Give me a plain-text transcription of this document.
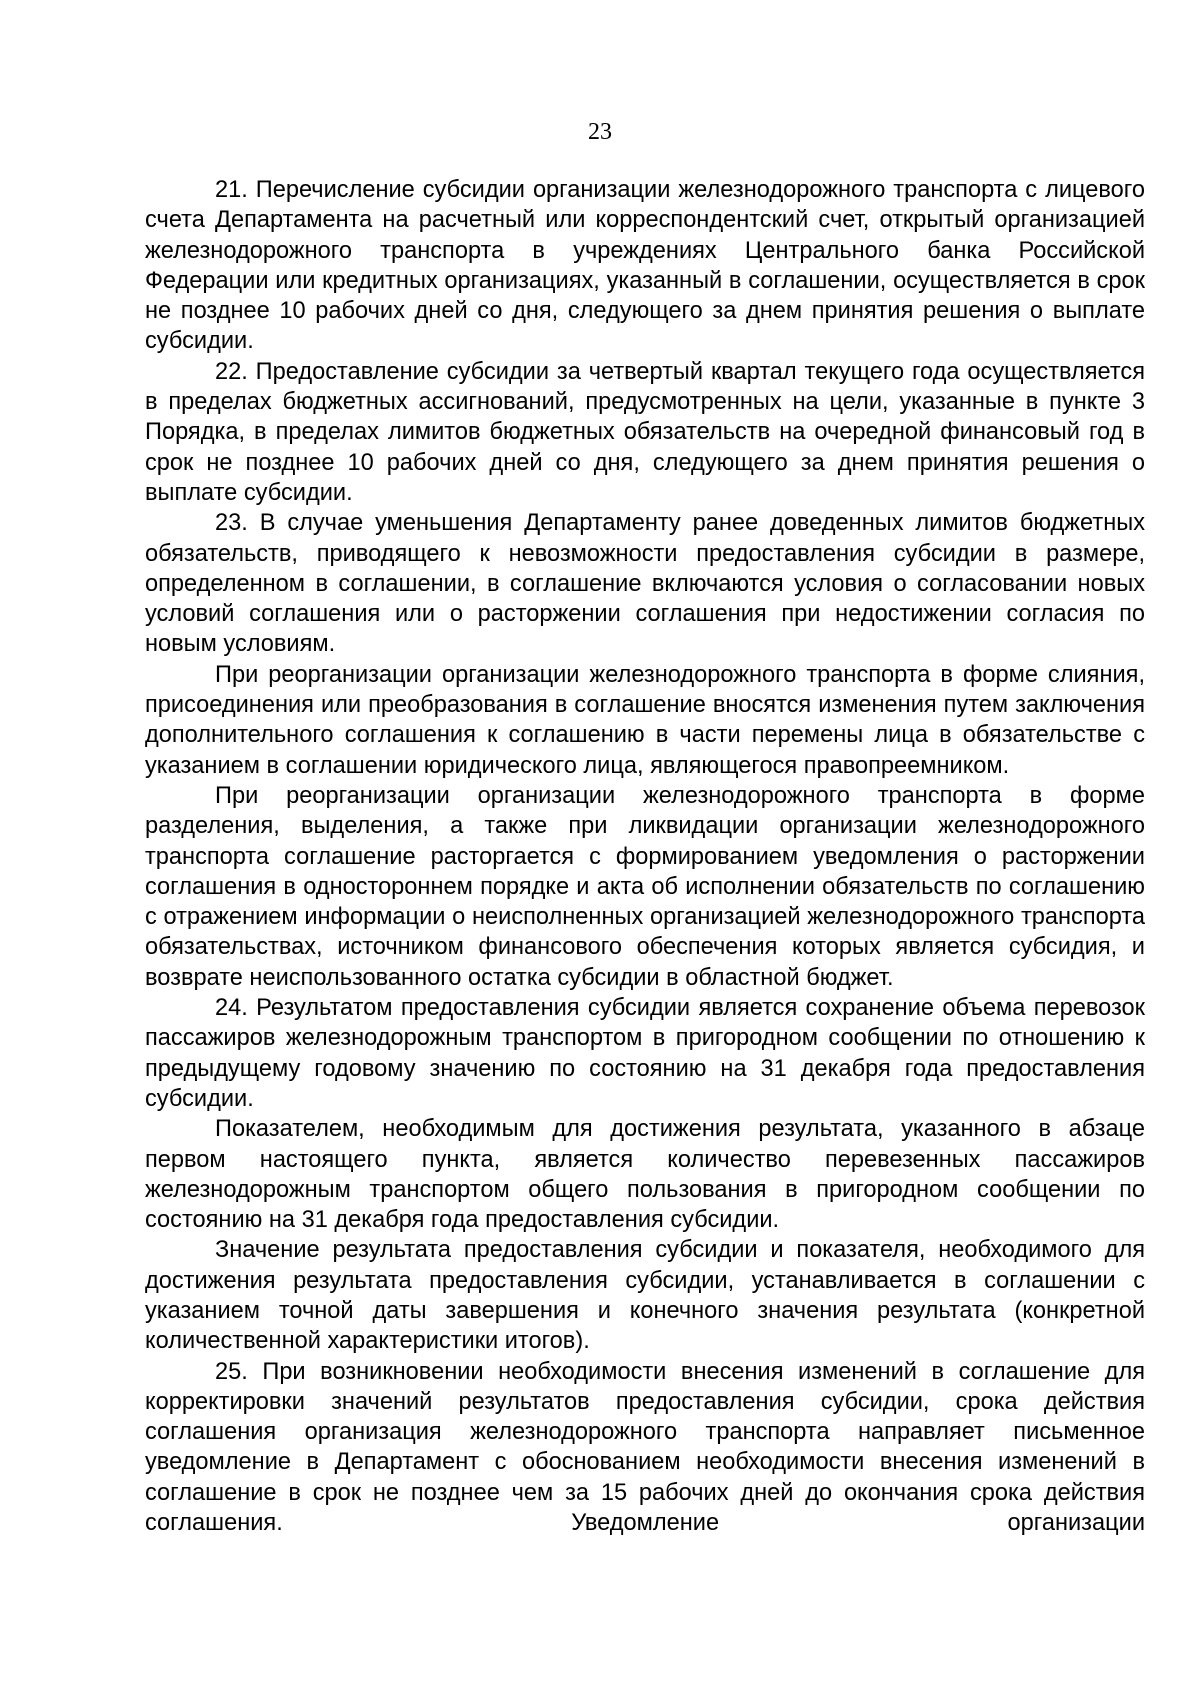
23

21. Перечисление субсидии организации железнодорожного транспорта с лицевого счета Департамента на расчетный или корреспондентский счет, открытый организацией железнодорожного транспорта в учреждениях Центрального банка Российской Федерации или кредитных организациях, указанный в соглашении, осуществляется в срок не позднее 10 рабочих дней со дня, следующего за днем принятия решения о выплате субсидии.

22. Предоставление субсидии за четвертый квартал текущего года осуществляется в пределах бюджетных ассигнований, предусмотренных на цели, указанные в пункте 3 Порядка, в пределах лимитов бюджетных обязательств на очередной финансовый год в срок не позднее 10 рабочих дней со дня, следующего за днем принятия решения о выплате субсидии.

23. В случае уменьшения Департаменту ранее доведенных лимитов бюджетных обязательств, приводящего к невозможности предоставления субсидии в размере, определенном в соглашении, в соглашение включаются условия о согласовании новых условий соглашения или о расторжении соглашения при недостижении согласия по новым условиям.

При реорганизации организации железнодорожного транспорта в форме слияния, присоединения или преобразования в соглашение вносятся изменения путем заключения дополнительного соглашения к соглашению в части перемены лица в обязательстве с указанием в соглашении юридического лица, являющегося правопреемником.

При реорганизации организации железнодорожного транспорта в форме разделения, выделения, а также при ликвидации организации железнодорожного транспорта соглашение расторгается с формированием уведомления о расторжении соглашения в одностороннем порядке и акта об исполнении обязательств по соглашению с отражением информации о неисполненных организацией железнодорожного транспорта обязательствах, источником финансового обеспечения которых является субсидия, и возврате неиспользованного остатка субсидии в областной бюджет.

24. Результатом предоставления субсидии является сохранение объема перевозок пассажиров железнодорожным транспортом в пригородном сообщении по отношению к предыдущему годовому значению по состоянию на 31 декабря года предоставления субсидии.

Показателем, необходимым для достижения результата, указанного в абзаце первом настоящего пункта, является количество перевезенных пассажиров железнодорожным транспортом общего пользования в пригородном сообщении по состоянию на 31 декабря года предоставления субсидии.

Значение результата предоставления субсидии и показателя, необходимого для достижения результата предоставления субсидии, устанавливается в соглашении с указанием точной даты завершения и конечного значения результата (конкретной количественной характеристики итогов).

25. При возникновении необходимости внесения изменений в соглашение для корректировки значений результатов предоставления субсидии, срока действия соглашения организация железнодорожного транспорта направляет письменное уведомление в Департамент с обоснованием необходимости внесения изменений в соглашение в срок не позднее чем за 15 рабочих дней до окончания срока действия соглашения. Уведомление организации
